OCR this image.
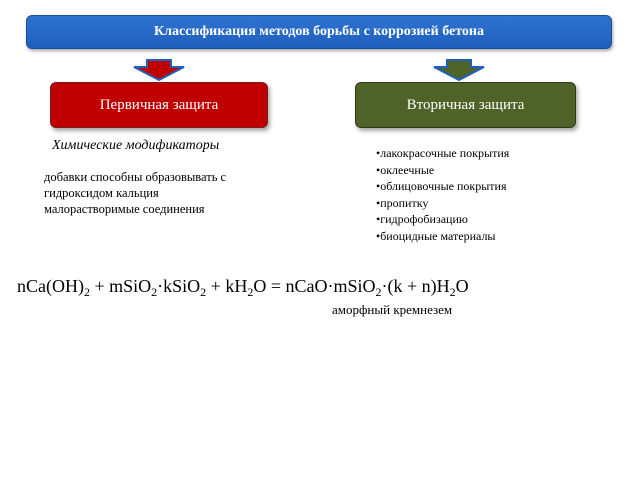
Классификация методов борьбы с коррозией бетона
Первичная защита	Вторичная защита
Химические модификаторы
добавки способны образовывать с
гидроксидом кальция
малорастворимые соединения
•лакокрасочные покрытия
•оклеечные
•облицовочные покрытия
•пропитку
•гидрофобизацию
•биоцидные материалы
$nCa(OH)_2$ + mSiO$_2$·kSiO$_2$ + $kH_2O$ = nCaO·mSiO$_2$·(k + $n)H_2O$
аморфный кремнезем
